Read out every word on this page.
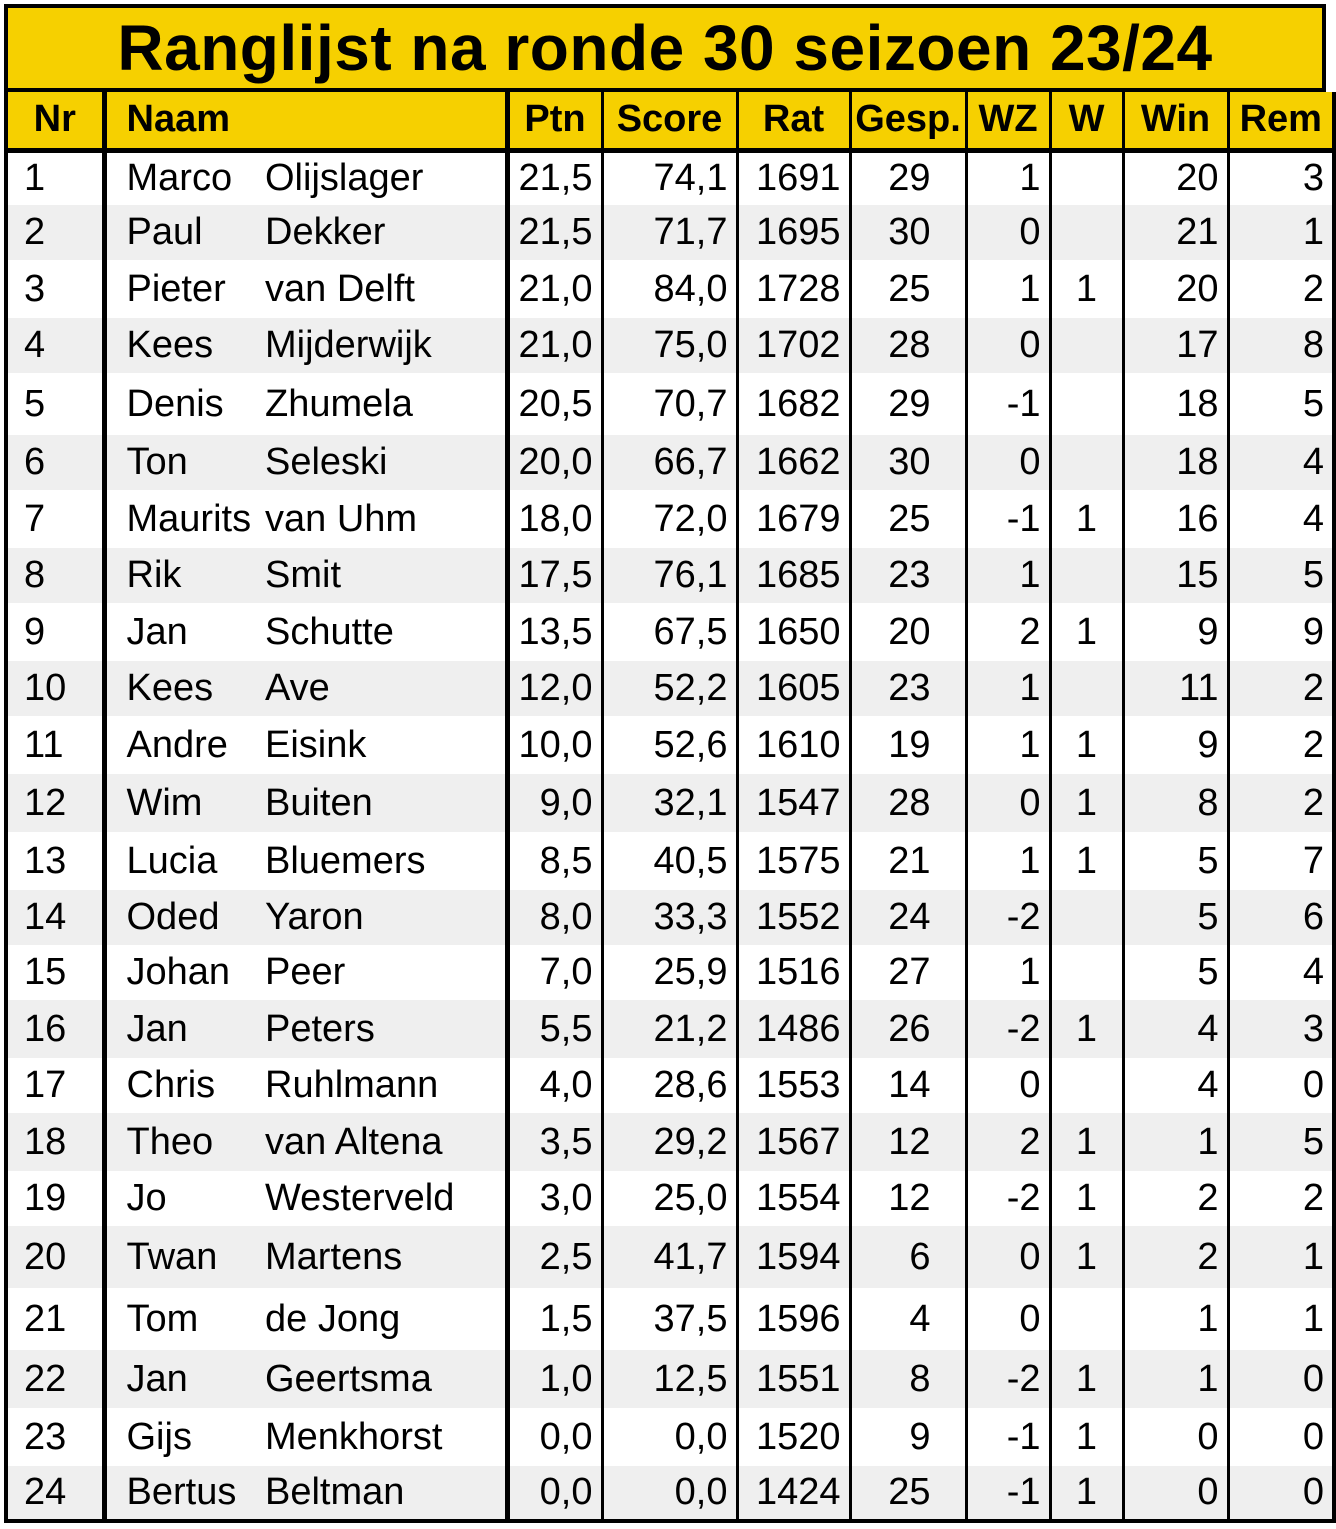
Ranglijst na ronde 30 seizoen 23/24
Nr	Naam		Ptn	Score	Rat	Gesp.	WZ	W	Win	Rem
1	Marco	Olijslager	21,5	74,1	1691	29	1		20	3
2	Paul	Dekker	21,5	71,7	1695	30	0		21	1
3	Pieter	van Delft	21,0	84,0	1728	25	1	1	20	2
4	Kees	Mijderwijk	21,0	75,0	1702	28	0		17	8
5	Denis	Zhumela	20,5	70,7	1682	29	-1		18	5
6	Ton	Seleski	20,0	66,7	1662	30	0		18	4
7	Maurits	van Uhm	18,0	72,0	1679	25	-1	1	16	4
8	Rik	Smit	17,5	76,1	1685	23	1		15	5
9	Jan	Schutte	13,5	67,5	1650	20	2	1	9	9
10	Kees	Ave	12,0	52,2	1605	23	1		11	2
11	Andre	Eisink	10,0	52,6	1610	19	1	1	9	2
12	Wim	Buiten	9,0	32,1	1547	28	0	1	8	2
13	Lucia	Bluemers	8,5	40,5	1575	21	1	1	5	7
14	Oded	Yaron	8,0	33,3	1552	24	-2		5	6
15	Johan	Peer	7,0	25,9	1516	27	1		5	4
16	Jan	Peters	5,5	21,2	1486	26	-2	1	4	3
17	Chris	Ruhlmann	4,0	28,6	1553	14	0		4	0
18	Theo	van Altena	3,5	29,2	1567	12	2	1	1	5
19	Jo	Westerveld	3,0	25,0	1554	12	-2	1	2	2
20	Twan	Martens	2,5	41,7	1594	6	0	1	2	1
21	Tom	de Jong	1,5	37,5	1596	4	0		1	1
22	Jan	Geertsma	1,0	12,5	1551	8	-2	1	1	0
23	Gijs	Menkhorst	0,0	0,0	1520	9	-1	1	0	0
24	Bertus	Beltman	0,0	0,0	1424	25	-1	1	0	0
